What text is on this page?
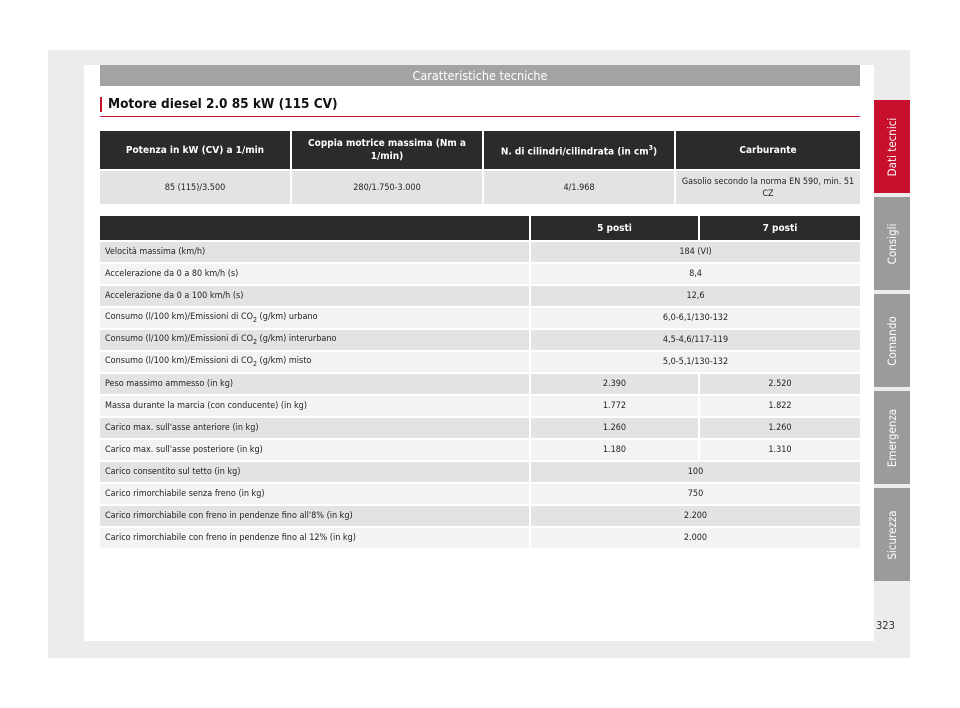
Caratteristiche tecniche
Motore diesel 2.0 85 kW (115 CV)
Potenza in kW (CV) a 1/min	Coppia motrice massima (Nm a 1/min)	N. di cilindri/cilindrata (in $cm^3$)	Carburante
85 (115)/3.500	280/1.750-3.000	4/1.968	Gasolio secondo la norma EN 590, min. 51 CZ
	5 posti	7 posti
Velocità massima (km/h)	184 (VI)	
Accelerazione da 0 a 80 km/h (s)	8,4	
Accelerazione da 0 a 100 km/h (s)	12,6	
Consumo (l/100 km)/Emissioni di $CO_2$ (g/km) urbano	6,0-6,1/130-132	
Consumo (l/100 km)/Emissioni di $CO_2$ (g/km) interurbano	4,5-4,6/117-119	
Consumo (l/100 km)/Emissioni di $CO_2$ (g/km) misto	5,0-5,1/130-132	
Peso massimo ammesso (in kg)	2.390	2.520
Massa durante la marcia (con conducente) (in kg)	1.772	1.822
Carico max. sull'asse anteriore (in kg)	1.260	1.260
Carico max. sull'asse posteriore (in kg)	1.180	1.310
Carico consentito sul tetto (in kg)	100	
Carico rimorchiabile senza freno (in kg)	750	
Carico rimorchiabile con freno in pendenze fino all'8% (in kg)	2.200	
Carico rimorchiabile con freno in pendenze fino al 12% (in kg)	2.000	
Dati tecnici
Consigli
Comando
Emergenza
Sicurezza
323
